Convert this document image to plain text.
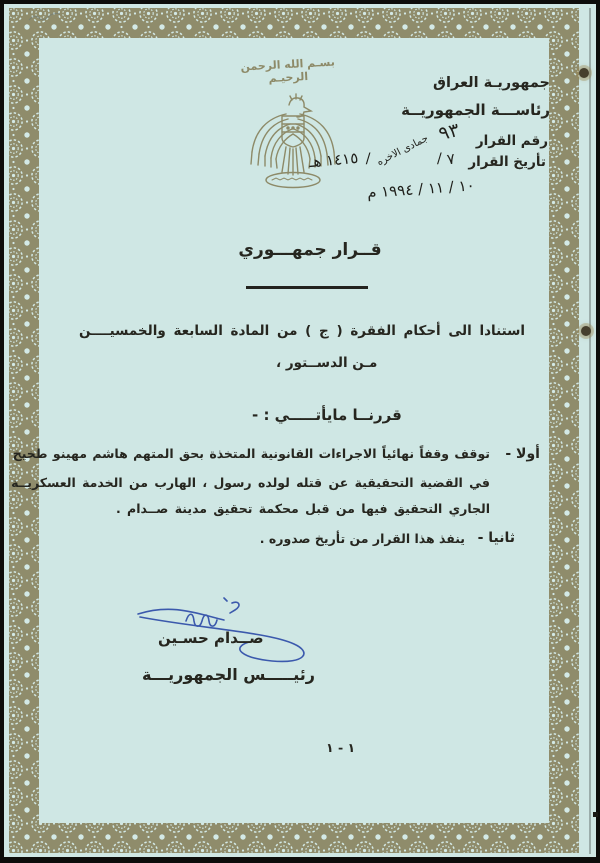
بسـم الله الرحمن الرحيـم	جمهوريـة العراق
رئاســـة الجمهوريــة
رقم القرار ٩٣
تأريخ القرار ٧ / جمادى الاخره / ١٤١٥ هـ
١٠ / ١١ / ١٩٩٤ م
قــرار جمهـــوري
استنادا الى أحكام الفقرة ( ج ) من المادة السابعة والخمسيــــن
مـن الدســتور ،
قررنــا مايأتـــــي : -
أولا -
توقف وقفاً نهائياً الاجراءات القانونية المتخذة بحق المتهم هاشم مهينو طخيخ
في القضية التحقيقية عن قتله لولده رسول ، الهارب من الخدمة العسكريــة
الجاري التحقيق فيها من قبل محكمة تحقيق مدينة صــدام .
ثانيا -
ينفذ هذا القرار من تأريخ صدوره .
صــدام حسـين
رئيـــــس الجمهوريـــة
١ - ١
